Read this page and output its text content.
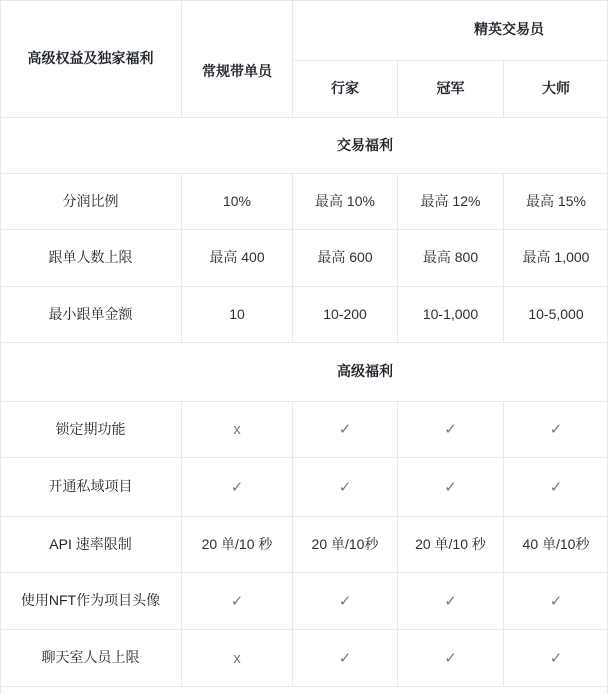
高级权益及独家福利
常规带单员
精英交易员
行家	冠军	大师
交易福利
分润比例	10%	最高 10%	最高 12%	最高 15%
跟单人数上限	最高 400	最高 600	最高 800	最高 1,000
最小跟单金额	10	10-200	10-1,000	10-5,000
高级福利
锁定期功能	x	✓	✓	✓
开通私域项目	✓	✓	✓	✓
API 速率限制	20 单/10 秒	20 单/10秒	20 单/10 秒	40 单/10秒
使用NFT作为项目头像	✓	✓	✓	✓
聊天室人员上限	x	✓	✓	✓
